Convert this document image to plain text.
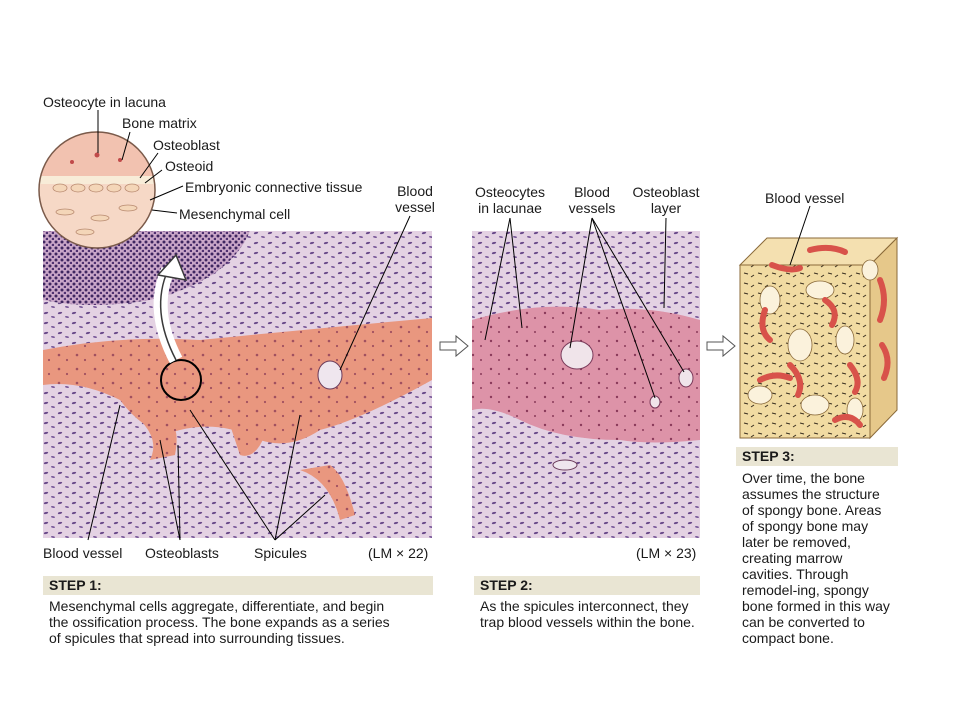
Osteocyte in lacuna
Bone matrix
Osteoblast
Osteoid
Embryonic connective tissue
Mesenchymal cell
Blood
vessel
Blood vessel Osteoblasts	Spicules	(LM × 22)
STEP 1:
Mesenchymal cells aggregate, differentiate, and begin
the ossification process. The bone expands as a series
of spicules that spread into surrounding tissues.
Osteocytes
in lacunae
Blood
vessels
Osteoblast
layer
(LM × 23)
STEP 2:
As the spicules interconnect, they
trap blood vessels within the bone.
Blood vessel
STEP 3:
Over time, the bone
assumes the structure
of spongy bone. Areas
of spongy bone may
later be removed,
creating marrow
cavities. Through
remodel-ing, spongy
bone formed in this way
can be converted to
compact bone.
